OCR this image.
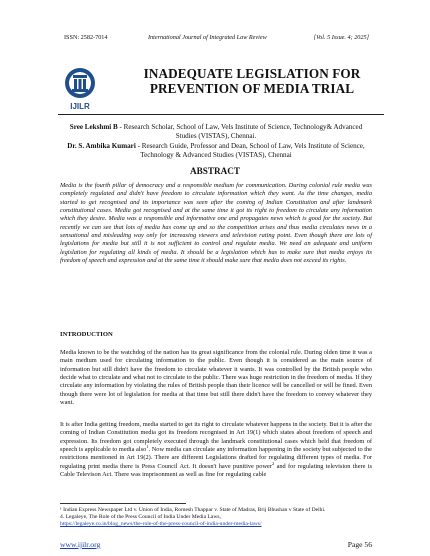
ISSN: 2582-7014	International Journal of Integrated Law Review	[Vol. 5 Issue. 4; 2025]
IJILR
INADEQUATE LEGISLATION FOR
PREVENTION OF MEDIA TRIAL

Sree Lekshmi B - Research Scholar, School of Law, Vels Institute of Science, Technology& Advanced Studies (VISTAS), Chennai.

Dr. S. Ambika Kumari - Research Guide, Professor and Dean, School of Law, Vels Institute of Science, Technology & Advanced Studies (VISTAS), Chennai

ABSTRACT

Media is the fourth pillar of democracy and a responsible medium for communication. During colonial rule media was completely regulated and didn't have freedom to circulate information which they want. As the time changes, media started to get recognised and its importance was seen after the coming of Indian Constitution and after landmark constitutional cases. Media got recognised and at the same time it got its right to freedom to circulate any information which they desire. Media was a responsible and informative one and propagates news which is good for the society. But recently we can see that lots of media has come up and so the competition arises and thus media circulates news in a sensational and misleading way only for increasing viewers and television rating point. Even though there are lots of legislations for media but still it is not sufficient to control and regulate media. We need an adequate and uniform legislation for regulating all kinds of media. It should be a legislation which has to make sure that media enjoys its freedom of speech and expression and at the same time it should make sure that media does not exceed its rights.

INTRODUCTION

Media known to be the watchdog of the nation has its great significance from the colonial rule. During olden time it was a main medium used for circulating information to the public. Even though it is considered as the main source of information but still didn't have the freedom to circulate whatever it wants. It was controlled by the British people who decide what to circulate and what not to circulate to the public. There was huge restriction in the freedom of media. If they circulate any information by violating the rules of British people than their licence will be cancelled or will be fined. Even though there were lot of legislation for media at that time but still there didn't have the freedom to convey whatever they want.

It is after India getting freedom, media started to get its right to circulate whatever happens in the society. But it is after the coming of Indian Constitution media got its freedom recognised in Art 19(1) which states about freedom of speech and expression. Its freedom got completely executed through the landmark constitutional cases which held that freedom of speech is applicable to media also$^1$. Now media can circulate any information happening in the society but subjected to the restrictions mentioned in Art 19(2). There are different Legislations drafted for regulating different types of media. For regulating print media there is Press Council Act. It doesn't have punitive power$^2$ and for regulating television there is Cable Televison Act. There was imprisonment as well as fine for regulating cable

¹ Indian Express Newspaper Ltd v. Union of India, Romesh Thappar v. State of Madras, Brij Bhushan v State of Delhi.

4. Legaleye, The Role of the Press Council of India Under Media Laws,

https://legaleye.co.in/blog_news/the-role-of-the-press-council-of-india-under-media-laws/

www.ijilr.org	Page 56
